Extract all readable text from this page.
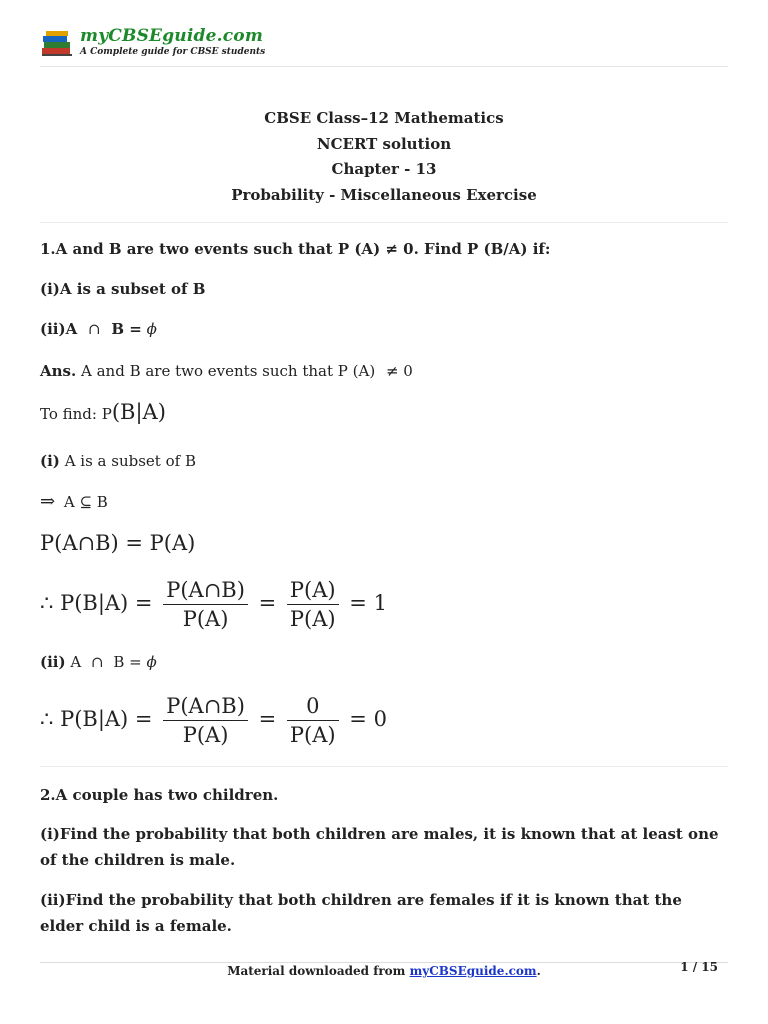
myCBSEguide.com
A Complete guide for CBSE students
CBSE Class–12 Mathematics
NCERT solution
Chapter - 13
Probability - Miscellaneous Exercise
1.A and B are two events such that P (A) ≠ 0. Find P (B/A) if:
(i)A is a subset of B
(ii)A ∩ B = ϕ
Ans. A and B are two events such that P (A) ≠ 0
To find: P(B|A)
(i) A is a subset of B
⇒ A ⊆ B
P(A∩B) = P(A)
∴ $P(B|A) = \frac{P(A\cap B)}{P(A)} = \frac{P(A)}{P(A)} = 1$
(ii) A ∩ B = ϕ
∴ $P(B|A) = \frac{P(A\cap B)}{P(A)} = \frac{0}{P(A)} = 0$
2.A couple has two children.
(i)Find the probability that both children are males, it is known that at least one of the children is male.
(ii)Find the probability that both children are females if it is known that the elder child is a female.
Material downloaded from myCBSEguide.com.	1 / 15
